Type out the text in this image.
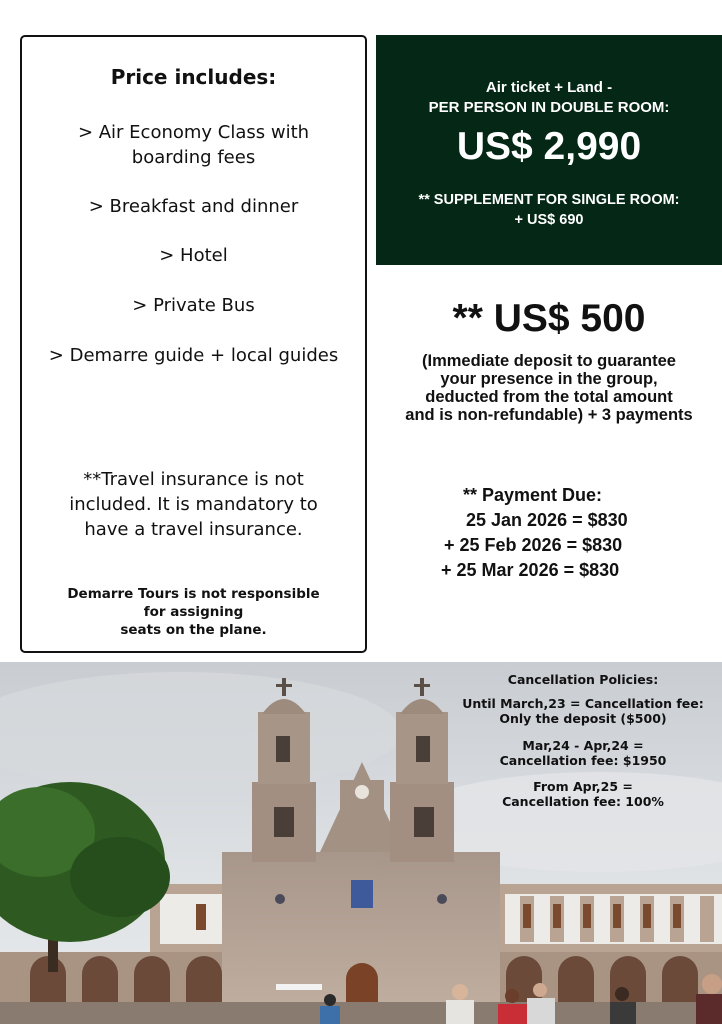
Price includes:
> Air Economy Class with
boarding fees
> Breakfast and dinner
> Hotel
> Private Bus
> Demarre guide + local guides
**Travel insurance is not
included. It is mandatory to
have a travel insurance.
Demarre Tours is not responsible
for assigning
seats on the plane.
Air ticket + Land -
PER PERSON IN DOUBLE ROOM:
US$ 2,990
** SUPPLEMENT FOR SINGLE ROOM:
+ US$ 690
** US$ 500
(Immediate deposit to guarantee
your presence in the group,
deducted from the total amount
and is non-refundable) + 3 payments
** Payment Due:
25 Jan 2026 = $830
+ 25 Feb 2026 = $830
+ 25 Mar 2026 = $830
Cancellation Policies:
Until March,23 = Cancellation fee:
Only the deposit ($500)
Mar,24 - Apr,24 =
Cancellation fee: $1950
From Apr,25 =
Cancellation fee: 100%
